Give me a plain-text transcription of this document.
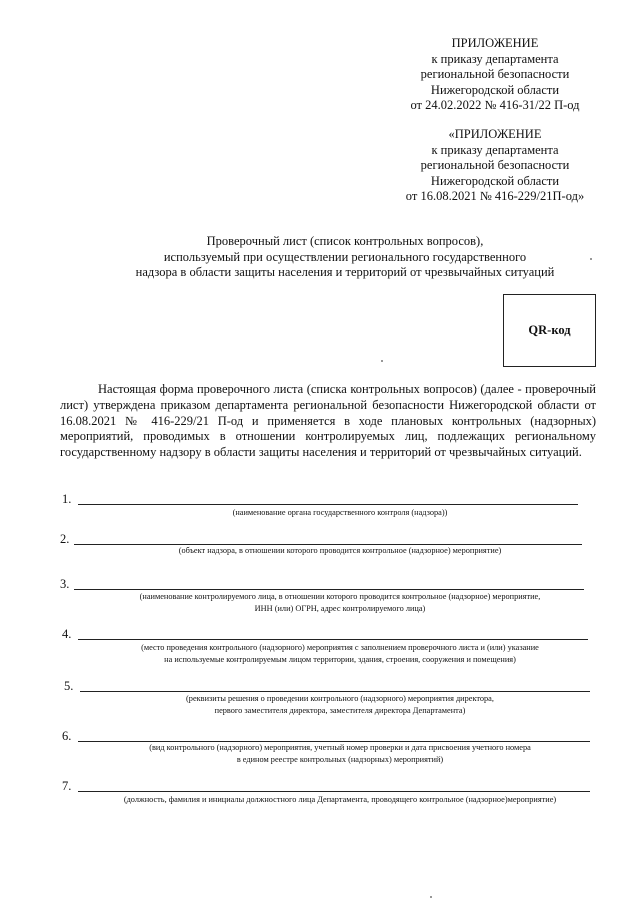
ПРИЛОЖЕНИЕ
к приказу департамента
региональной безопасности
Нижегородской области
от 24.02.2022 № 416-31/22 П-од
«ПРИЛОЖЕНИЕ
к приказу департамента
региональной безопасности
Нижегородской области
от 16.08.2021 № 416-229/21П-од»
Проверочный лист (список контрольных вопросов),
используемый при осуществлении регионального государственного
надзора в области защиты населения и территорий от чрезвычайных ситуаций
QR-код
Настоящая форма проверочного листа (списка контрольных вопросов) (далее - проверочный лист) утверждена приказом департамента региональной безопасности Нижегородской области от 16.08.2021 № 416-229/21 П-од и применяется в ходе плановых контрольных (надзорных) мероприятий, проводимых в отношении контролируемых лиц, подлежащих региональному государственному надзору в области защиты населения и территорий от чрезвычайных ситуаций.
1.
(наименование органа государственного контроля (надзора))
2.
(объект надзора, в отношении которого проводится контрольное (надзорное) мероприятие)
3.
(наименование контролируемого лица, в отношении которого проводится контрольное (надзорное) мероприятие,
ИНН (или) ОГРН, адрес контролируемого лица)
4.
(место проведения контрольного (надзорного) мероприятия с заполнением проверочного листа и (или) указание
на используемые контролируемым лицом территории, здания, строения, сооружения и помещения)
5.
(реквизиты решения о проведении контрольного (надзорного) мероприятия директора,
первого заместителя директора, заместителя директора Департамента)
6.
(вид контрольного (надзорного) мероприятия, учетный номер проверки и дата присвоения учетного номера
в едином реестре контрольных (надзорных) мероприятий)
7.
(должность, фамилия и инициалы должностного лица Департамента, проводящего контрольное (надзорное)мероприятие)
